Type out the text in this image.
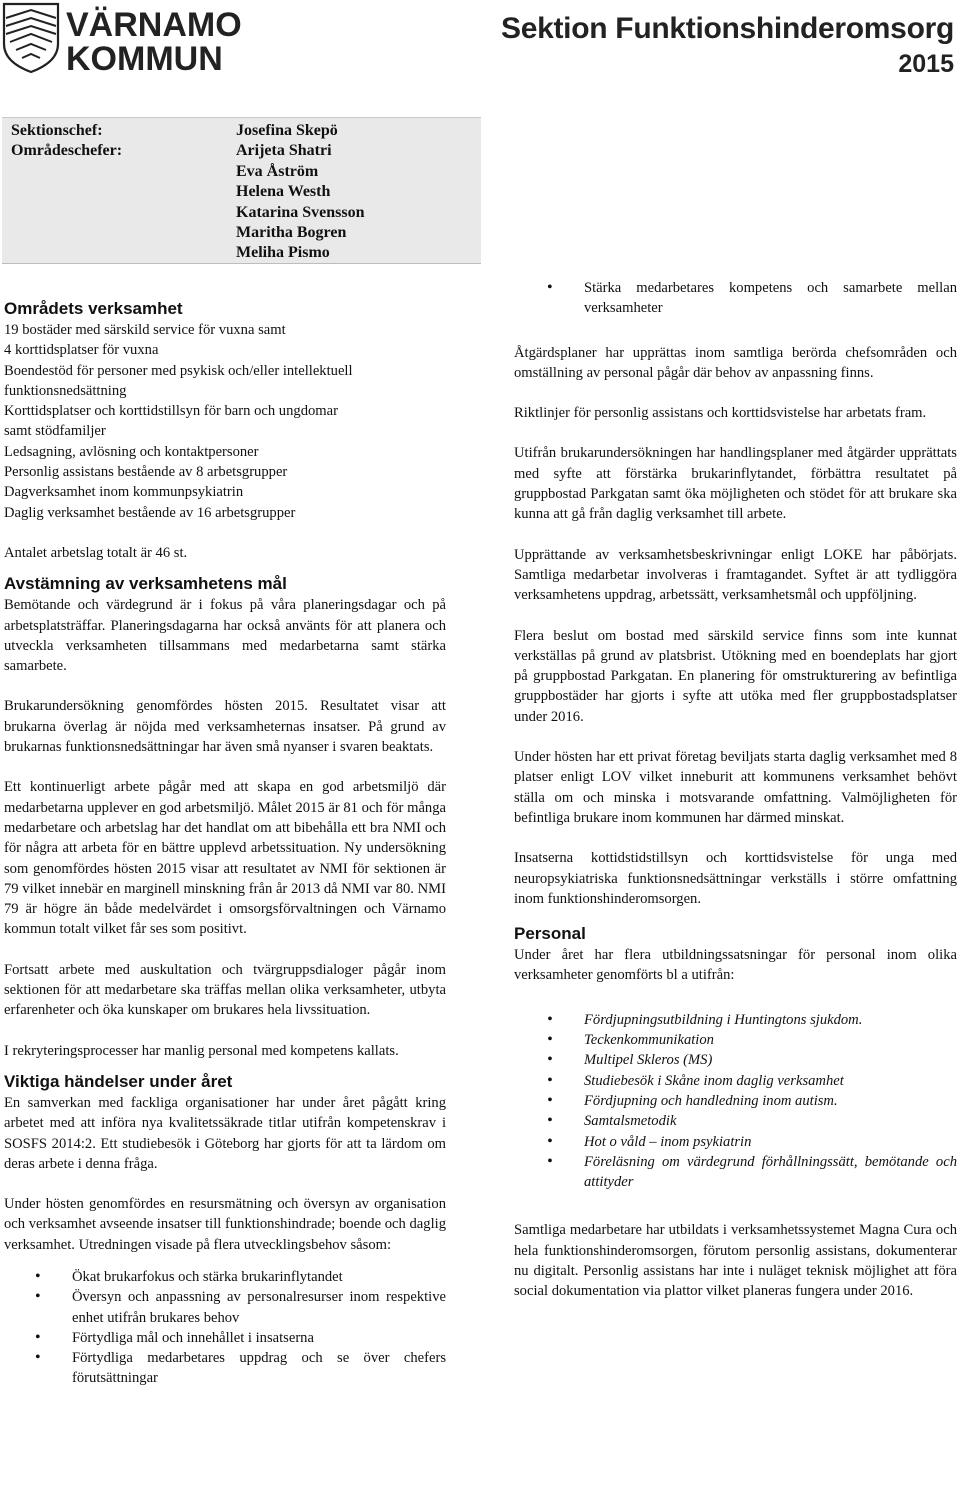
VÄRNAMO
KOMMUN
Sektion Funktionshinderomsorg
2015
Sektionschef:
Områdeschefer:
Josefina Skepö
Arijeta Shatri
Eva Åström
Helena Westh
Katarina Svensson
Maritha Bogren
Meliha Pismo
Områdets verksamhet
19 bostäder med särskild service för vuxna samt
4 korttidsplatser för vuxna
Boendestöd för personer med psykisk och/eller intellektuell
funktionsnedsättning
Korttidsplatser och korttidstillsyn för barn och ungdomar
samt stödfamiljer
Ledsagning, avlösning och kontaktpersoner
Personlig assistans bestående av 8 arbetsgrupper
Dagverksamhet inom kommunpsykiatrin
Daglig verksamhet bestående av 16 arbetsgrupper

Antalet arbetslag totalt är 46 st.

Avstämning av verksamhetens mål

Bemötande och värdegrund är i fokus på våra planeringsdagar och på arbetsplatsträffar. Planeringsdagarna har också använts för att planera och utveckla verksamheten tillsammans med medarbetarna samt stärka samarbete.

Brukarundersökning genomfördes hösten 2015. Resultatet visar att brukarna överlag är nöjda med verksamheternas insatser. På grund av brukarnas funktionsnedsättningar har även små nyanser i svaren beaktats.

Ett kontinuerligt arbete pågår med att skapa en god arbetsmiljö där medarbetarna upplever en god arbetsmiljö. Målet 2015 är 81 och för många medarbetare och arbetslag har det handlat om att bibehålla ett bra NMI och för några att arbeta för en bättre upplevd arbetssituation. Ny undersökning som genomfördes hösten 2015 visar att resultatet av NMI för sektionen är 79 vilket innebär en marginell minskning från år 2013 då NMI var 80. NMI 79 är högre än både medelvärdet i omsorgsförvaltningen och Värnamo kommun totalt vilket får ses som positivt.

Fortsatt arbete med auskultation och tvärgruppsdialoger pågår inom sektionen för att medarbetare ska träffas mellan olika verksamheter, utbyta erfarenheter och öka kunskaper om brukares hela livssituation.

I rekryteringsprocesser har manlig personal med kompetens kallats.

Viktiga händelser under året

En samverkan med fackliga organisationer har under året pågått kring arbetet med att införa nya kvalitetssäkrade titlar utifrån kompetenskrav i SOSFS 2014:2. Ett studiebesök i Göteborg har gjorts för att ta lärdom om deras arbete i denna fråga.

Under hösten genomfördes en resursmätning och översyn av organisation och verksamhet avseende insatser till funktionshindrade; boende och daglig verksamhet. Utredningen visade på flera utvecklingsbehov såsom:

• Ökat brukarfokus och stärka brukarinflytandet
• Översyn och anpassning av personalresurser inom respektive enhet utifrån brukares behov
• Förtydliga mål och innehållet i insatserna
• Förtydliga medarbetares uppdrag och se över chefers förutsättningar
• Stärka medarbetares kompetens och samarbete mellan verksamheter

Åtgärdsplaner har upprättas inom samtliga berörda chefsområden och omställning av personal pågår där behov av anpassning finns.

Riktlinjer för personlig assistans och korttidsvistelse har arbetats fram.

Utifrån brukarundersökningen har handlingsplaner med åtgärder upprättats med syfte att förstärka brukarinflytandet, förbättra resultatet på gruppbostad Parkgatan samt öka möjligheten och stödet för att brukare ska kunna att gå från daglig verksamhet till arbete.

Upprättande av verksamhetsbeskrivningar enligt LOKE har påbörjats. Samtliga medarbetar involveras i framtagandet. Syftet är att tydliggöra verksamhetens uppdrag, arbetssätt, verksamhetsmål och uppföljning.

Flera beslut om bostad med särskild service finns som inte kunnat verkställas på grund av platsbrist. Utökning med en boendeplats har gjort på gruppbostad Parkgatan. En planering för omstrukturering av befintliga gruppbostäder har gjorts i syfte att utöka med fler gruppbostadsplatser under 2016.

Under hösten har ett privat företag beviljats starta daglig verksamhet med 8 platser enligt LOV vilket inneburit att kommunens verksamhet behövt ställa om och minska i motsvarande omfattning. Valmöjligheten för befintliga brukare inom kommunen har därmed minskat.

Insatserna kottidstidstillsyn och korttidsvistelse för unga med neuropsykiatriska funktionsnedsättningar verkställs i större omfattning inom funktionshinderomsorgen.

Personal

Under året har flera utbildningssatsningar för personal inom olika verksamheter genomförts bl a utifrån:

• Fördjupningsutbildning i Huntingtons sjukdom.
• Teckenkommunikation
• Multipel Skleros (MS)
• Studiebesök i Skåne inom daglig verksamhet
• Fördjupning och handledning inom autism.
• Samtalsmetodik
• Hot o våld – inom psykiatrin
• Föreläsning om värdegrund förhållningssätt, bemötande och attityder

Samtliga medarbetare har utbildats i verksamhetssystemet Magna Cura och hela funktionshinderomsorgen, förutom personlig assistans, dokumenterar nu digitalt. Personlig assistans har inte i nuläget teknisk möjlighet att föra social dokumentation via plattor vilket planeras fungera under 2016.
